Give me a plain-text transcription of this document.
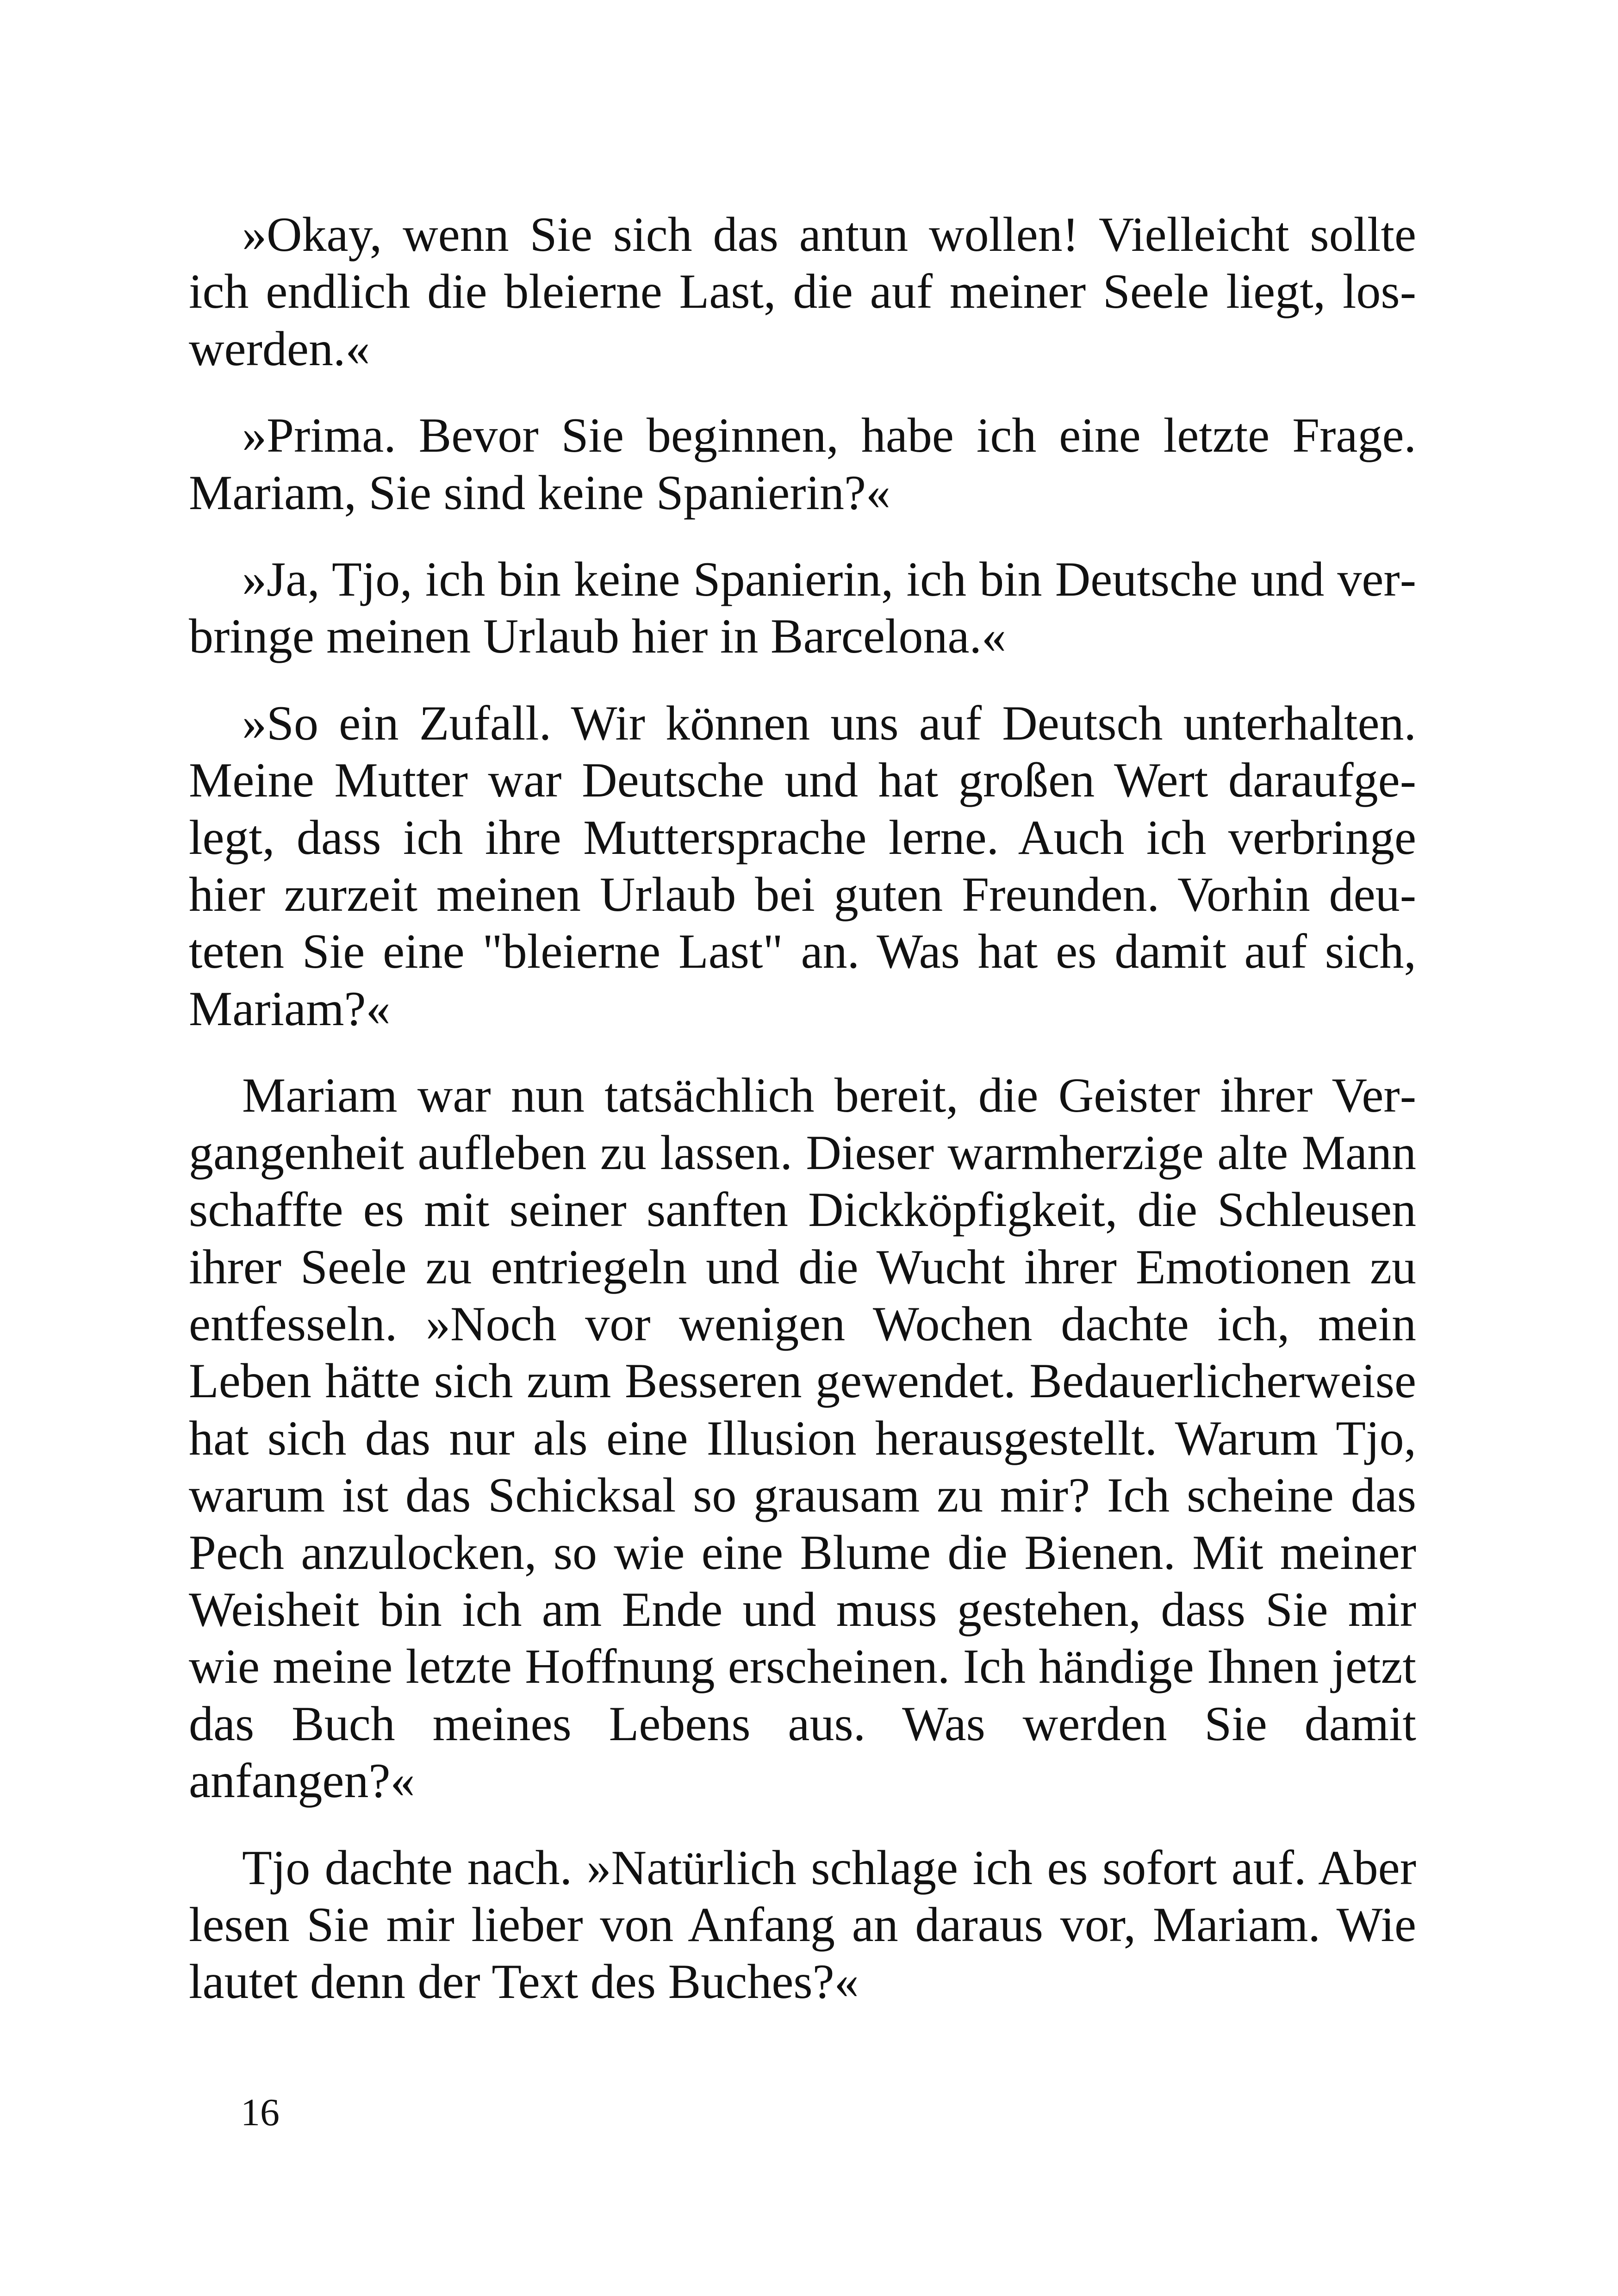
»Okay, wenn Sie sich das antun wollen! Vielleicht sollte ich endlich die bleierne Last, die auf meiner Seele liegt, loswerden.«

»Prima. Bevor Sie beginnen, habe ich eine letzte Frage. Mariam, Sie sind keine Spanierin?«

»Ja, Tjo, ich bin keine Spanierin, ich bin Deutsche und verbringe meinen Urlaub hier in Barcelona.«

»So ein Zufall. Wir können uns auf Deutsch unterhalten. Meine Mutter war Deutsche und hat großen Wert daraufgelegt, dass ich ihre Muttersprache lerne. Auch ich verbringe hier zurzeit meinen Urlaub bei guten Freunden. Vorhin deuteten Sie eine "bleierne Last" an. Was hat es damit auf sich, Mariam?«

Mariam war nun tatsächlich bereit, die Geister ihrer Vergangenheit aufleben zu lassen. Dieser warmherzige alte Mann schaffte es mit seiner sanften Dickköpfigkeit, die Schleusen ihrer Seele zu entriegeln und die Wucht ihrer Emotionen zu entfesseln. »Noch vor wenigen Wochen dachte ich, mein Leben hätte sich zum Besseren gewendet. Bedauerlicherweise hat sich das nur als eine Illusion herausgestellt. Warum Tjo, warum ist das Schicksal so grausam zu mir? Ich scheine das Pech anzulocken, so wie eine Blume die Bienen. Mit meiner Weisheit bin ich am Ende und muss gestehen, dass Sie mir wie meine letzte Hoffnung erscheinen. Ich händige Ihnen jetzt das Buch meines Lebens aus. Was werden Sie damit anfangen?«

Tjo dachte nach. »Natürlich schlage ich es sofort auf. Aber lesen Sie mir lieber von Anfang an daraus vor, Mariam. Wie lautet denn der Text des Buches?«

16
